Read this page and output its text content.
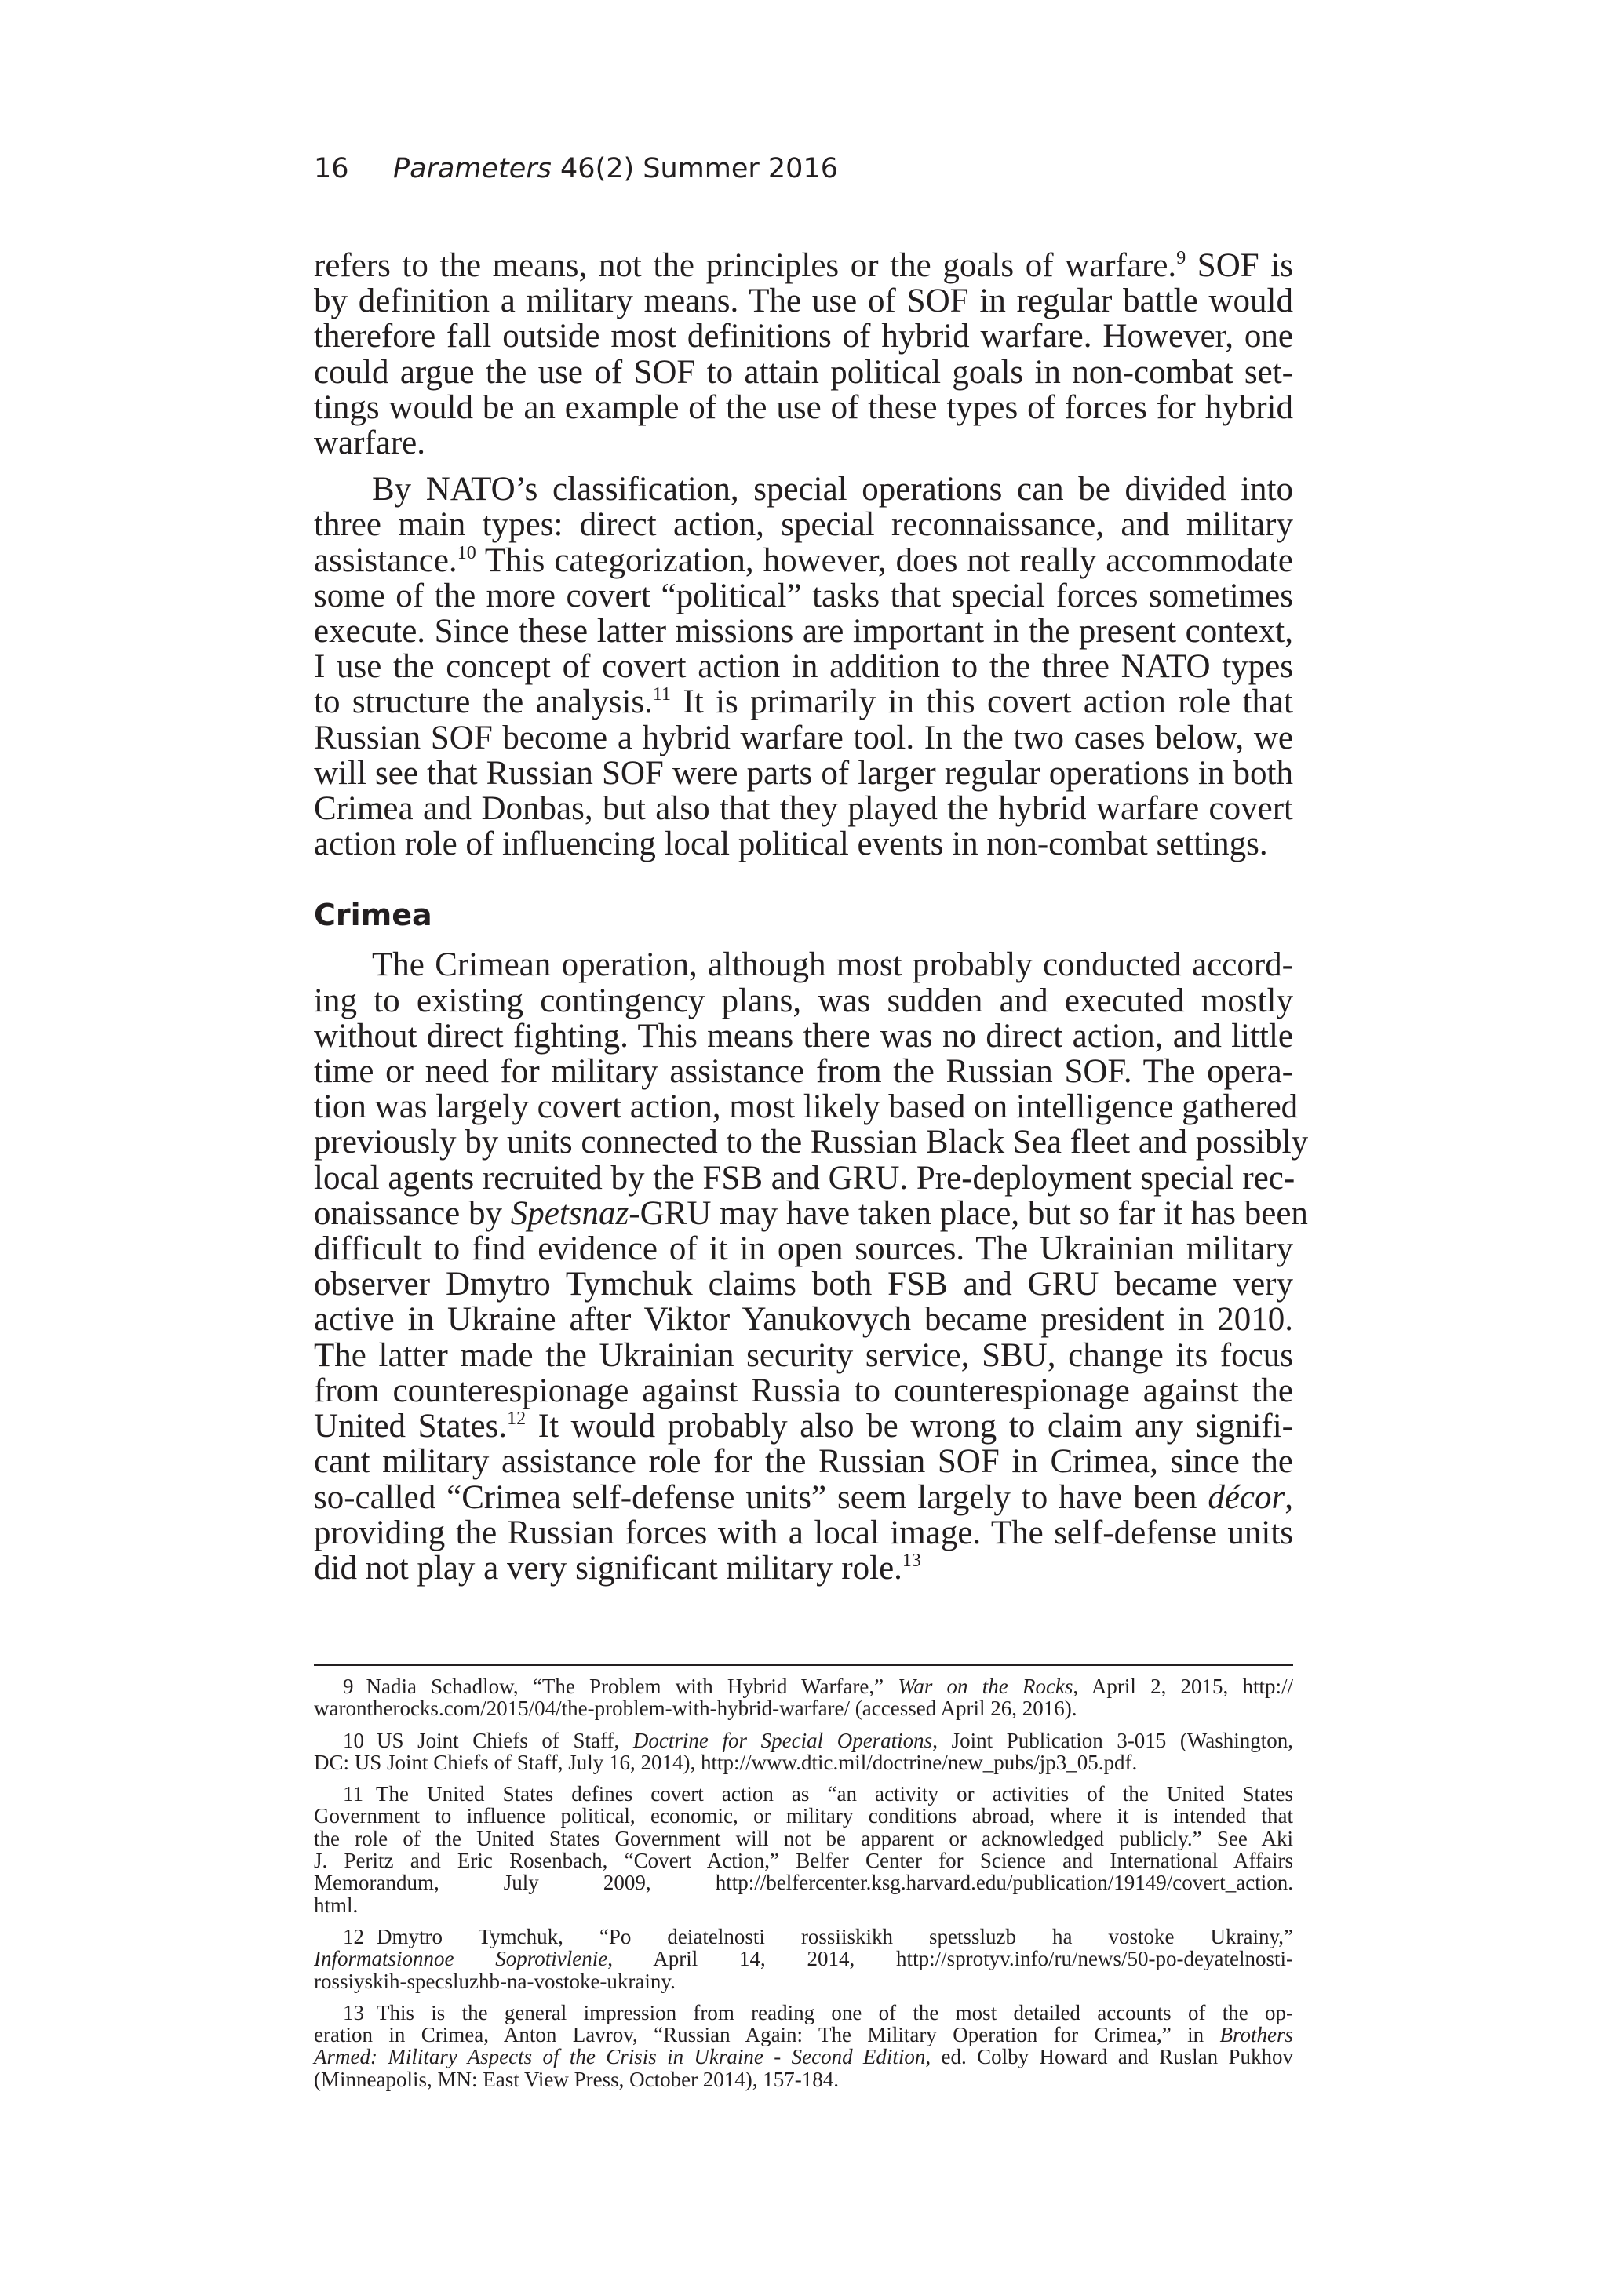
16 Parameters 46(2) Summer 2016
refers to the means, not the principles or the goals of warfare.$^9$ SOF is
by definition a military means. The use of SOF in regular battle would
therefore fall outside most definitions of hybrid warfare. However, one
could argue the use of SOF to attain political goals in non-combat set-
tings would be an example of the use of these types of forces for hybrid
warfare.
By NATO’s classification, special operations can be divided into
three main types: direct action, special reconnaissance, and military
assistance.$^{10}$ This categorization, however, does not really accommodate
some of the more covert “political” tasks that special forces sometimes
execute. Since these latter missions are important in the present context,
I use the concept of covert action in addition to the three NATO types
to structure the analysis.$^{11}$ It is primarily in this covert action role that
Russian SOF become a hybrid warfare tool. In the two cases below, we
will see that Russian SOF were parts of larger regular operations in both
Crimea and Donbas, but also that they played the hybrid warfare covert
action role of influencing local political events in non-combat settings.
Crimea
The Crimean operation, although most probably conducted accord-
ing to existing contingency plans, was sudden and executed mostly
without direct fighting. This means there was no direct action, and little
time or need for military assistance from the Russian SOF. The opera-
tion was largely covert action, most likely based on intelligence gathered
previously by units connected to the Russian Black Sea fleet and possibly
local agents recruited by the FSB and GRU. Pre-deployment special rec-
onaissance by Spetsnaz-GRU may have taken place, but so far it has been
difficult to find evidence of it in open sources. The Ukrainian military
observer Dmytro Tymchuk claims both FSB and GRU became very
active in Ukraine after Viktor Yanukovych became president in 2010.
The latter made the Ukrainian security service, SBU, change its focus
from counterespionage against Russia to counterespionage against the
United States.$^{12}$ It would probably also be wrong to claim any signifi-
cant military assistance role for the Russian SOF in Crimea, since the
so-called “Crimea self-defense units” seem largely to have been décor,
providing the Russian forces with a local image. The self-defense units
did not play a very significant military role.$^{13}$
9 Nadia Schadlow, “The Problem with Hybrid Warfare,” War on the Rocks, April 2, 2015, http://
warontherocks.com/2015/04/the-problem-with-hybrid-warfare/ (accessed April 26, 2016).
10 US Joint Chiefs of Staff, Doctrine for Special Operations, Joint Publication 3-015 (Washington,
DC: US Joint Chiefs of Staff, July 16, 2014), http://www.dtic.mil/doctrine/new_pubs/jp3_05.pdf.
11 The United States defines covert action as “an activity or activities of the United States
Government to influence political, economic, or military conditions abroad, where it is intended that
the role of the United States Government will not be apparent or acknowledged publicly.” See Aki
J. Peritz and Eric Rosenbach, “Covert Action,” Belfer Center for Science and International Affairs
Memorandum, July 2009, http://belfercenter.ksg.harvard.edu/publication/19149/covert_action.
html.
12 Dmytro Tymchuk, “Po deiatelnosti rossiiskikh spetssluzb ha vostoke Ukrainy,”
Informatsionnoe Soprotivlenie, April 14, 2014, http://sprotyv.info/ru/news/50-po-deyatelnosti-
rossiyskih-specsluzhb-na-vostoke-ukrainy.
13 This is the general impression from reading one of the most detailed accounts of the op-
eration in Crimea, Anton Lavrov, “Russian Again: The Military Operation for Crimea,” in Brothers
Armed: Military Aspects of the Crisis in Ukraine - Second Edition, ed. Colby Howard and Ruslan Pukhov
(Minneapolis, MN: East View Press, October 2014), 157-184.
